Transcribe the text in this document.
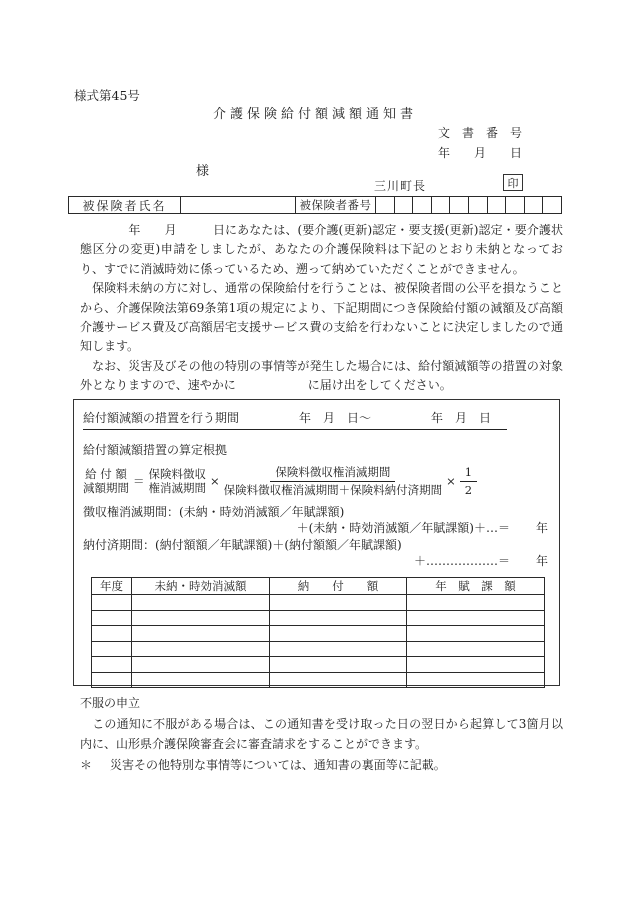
様式第45号
介護保険給付額減額通知書
文　書　番　号
年　　月　　日
様
三川町長	印
被保険者氏名	被保険者番号

　　　　年　　月　　　日にあなたは、(要介護(更新)認定・要支援(更新)認定・要介護状態区分の変更)申請をしましたが、あなたの介護保険料は下記のとおり未納となっており、すでに消滅時効に係っているため、遡って納めていただくことができません。

　保険料未納の方に対し、通常の保険給付を行うことは、被保険者間の公平を損なうことから、介護保険法第69条第1項の規定により、下記期間につき保険給付額の減額及び高額介護サービス費及び高額居宅支援サービス費の支給を行わないことに決定しましたので通知します。

　なお、災害及びその他の特別の事情等が発生した場合には、給付額減額等の措置の対象外となりますので、速やかに　　　　　　に届け出をしてください。

給付額減額の措置を行う期間　　　　　年　月　日～　　　　　年　月　日
給付額減額措置の算定根拠
給 付 額
減額期間 ＝
保険料徴収
権消滅期間 × $\frac{\text{保険料徴収権消滅期間}}{\text{保険料徴収権消滅期間＋保険料納付済期間}} \times \frac{1}{2}$
徴収権消滅期間：(未納・時効消滅額／年賦課額)
＋(未納・時効消滅額／年賦課額)＋…＝ 年
納付済期間：(納付額額／年賦課額)＋(納付額額／年賦課額)
＋………………＝ 年
年度	未納・時効消滅額	納　　付　　額	年　賦　課　額

不服の申立
　この通知に不服がある場合は、この通知書を受け取った日の翌日から起算して3箇月以内に、山形県介護保険審査会に審査請求をすることができます。
＊	災害その他特別な事情等については、通知書の裏面等に記載。
